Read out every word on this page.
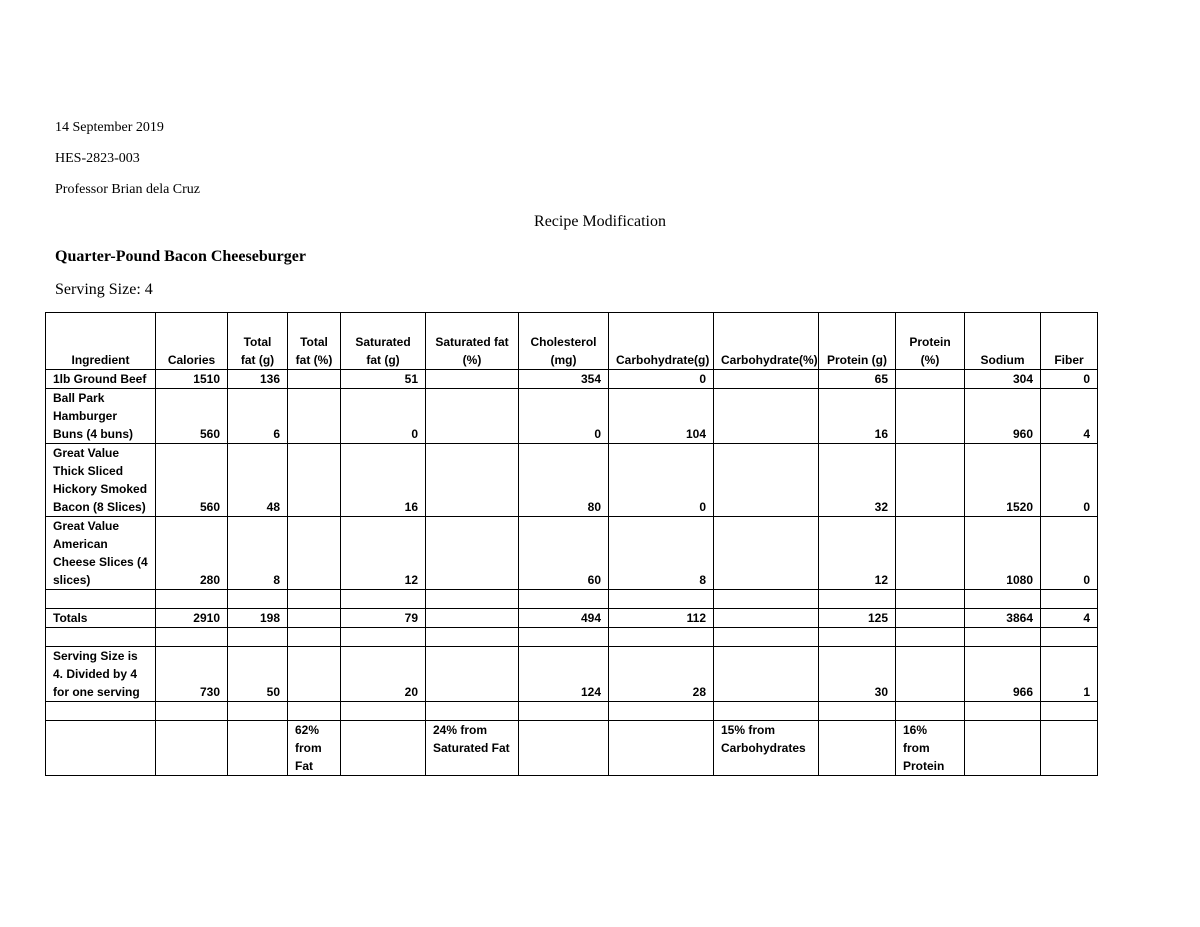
14 September 2019
HES-2823-003
Professor Brian dela Cruz
Recipe Modification
Quarter-Pound Bacon Cheeseburger
Serving Size: 4
Ingredient	Calories	Total fat (g)	Total fat (%)	Saturated fat (g)	Saturated fat (%)	Cholesterol (mg)	Carbohydrate(g)	Carbohydrate(%)	Protein (g)	Protein (%)	Sodium	Fiber
1lb Ground Beef	1510	136		51		354	0		65		304	0
Ball Park Hamburger Buns (4 buns)	560	6		0		0	104		16		960	4
Great Value Thick Sliced Hickory Smoked Bacon (8 Slices)	560	48		16		80	0		32		1520	0
Great Value American Cheese Slices (4 slices)	280	8		12		60	8		12		1080	0

Totals	2910	198		79		494	112		125		3864	4

Serving Size is 4. Divided by 4 for one serving	730	50		20		124	28		30		966	1

			62% from Fat		24% from Saturated Fat			15% from Carbohydrates		16% from Protein		
